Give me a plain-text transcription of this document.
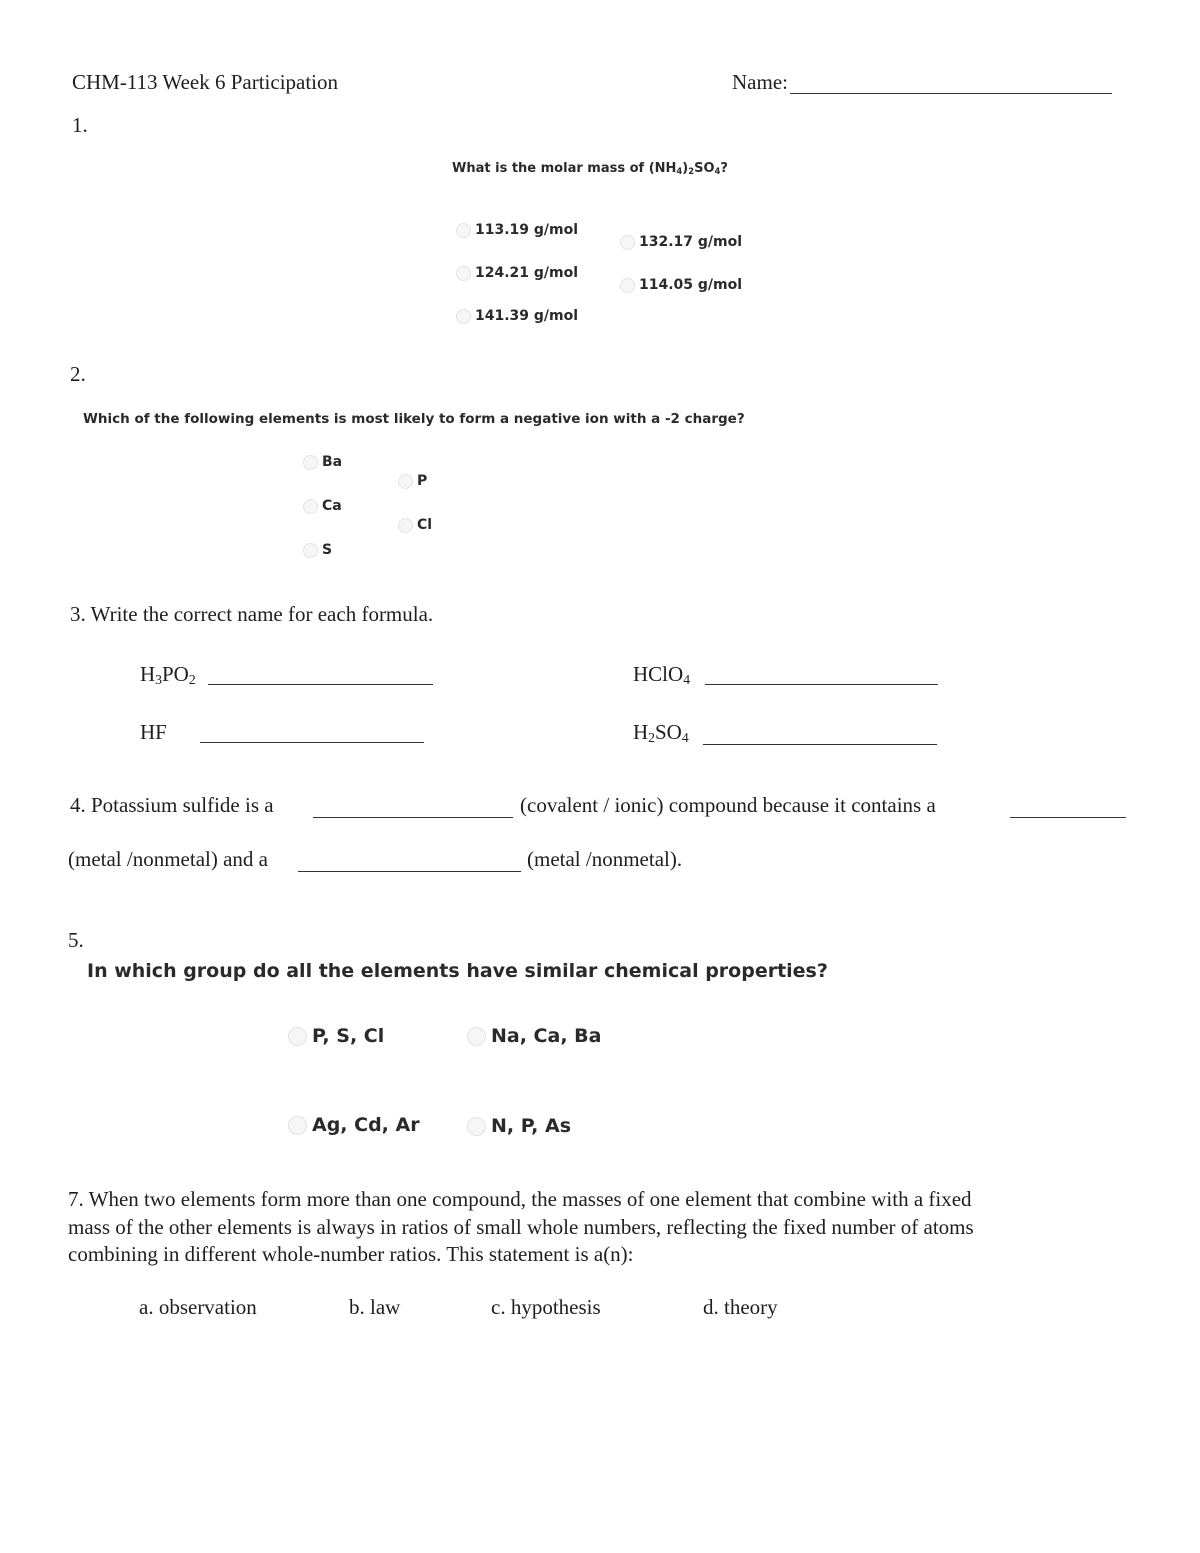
CHM-113 Week 6 Participation	Name:
1.
What is the molar mass of $(NH_4)_2SO_4$?
113.19 g/mol
124.21 g/mol
141.39 g/mol
132.17 g/mol
114.05 g/mol
2.
Which of the following elements is most likely to form a negative ion with a -2 charge?
Ba
Ca
S
P
Cl
3. Write the correct name for each formula.
$H_3PO_2$
HF
HClO$_4$
$H_2SO_4$
4. Potassium sulfide is a	(covalent / ionic) compound because it contains a
(metal /nonmetal) and a	(metal /nonmetal).
5.
In which group do all the elements have similar chemical properties?
P, S, Cl	Na, Ca, Ba
Ag, Cd, Ar	N, P, As
7. When two elements form more than one compound, the masses of one element that combine with a fixed
mass of the other elements is always in ratios of small whole numbers, reflecting the fixed number of atoms
combining in different whole-number ratios. This statement is a(n):
a. observation	b. law	c. hypothesis	d. theory
